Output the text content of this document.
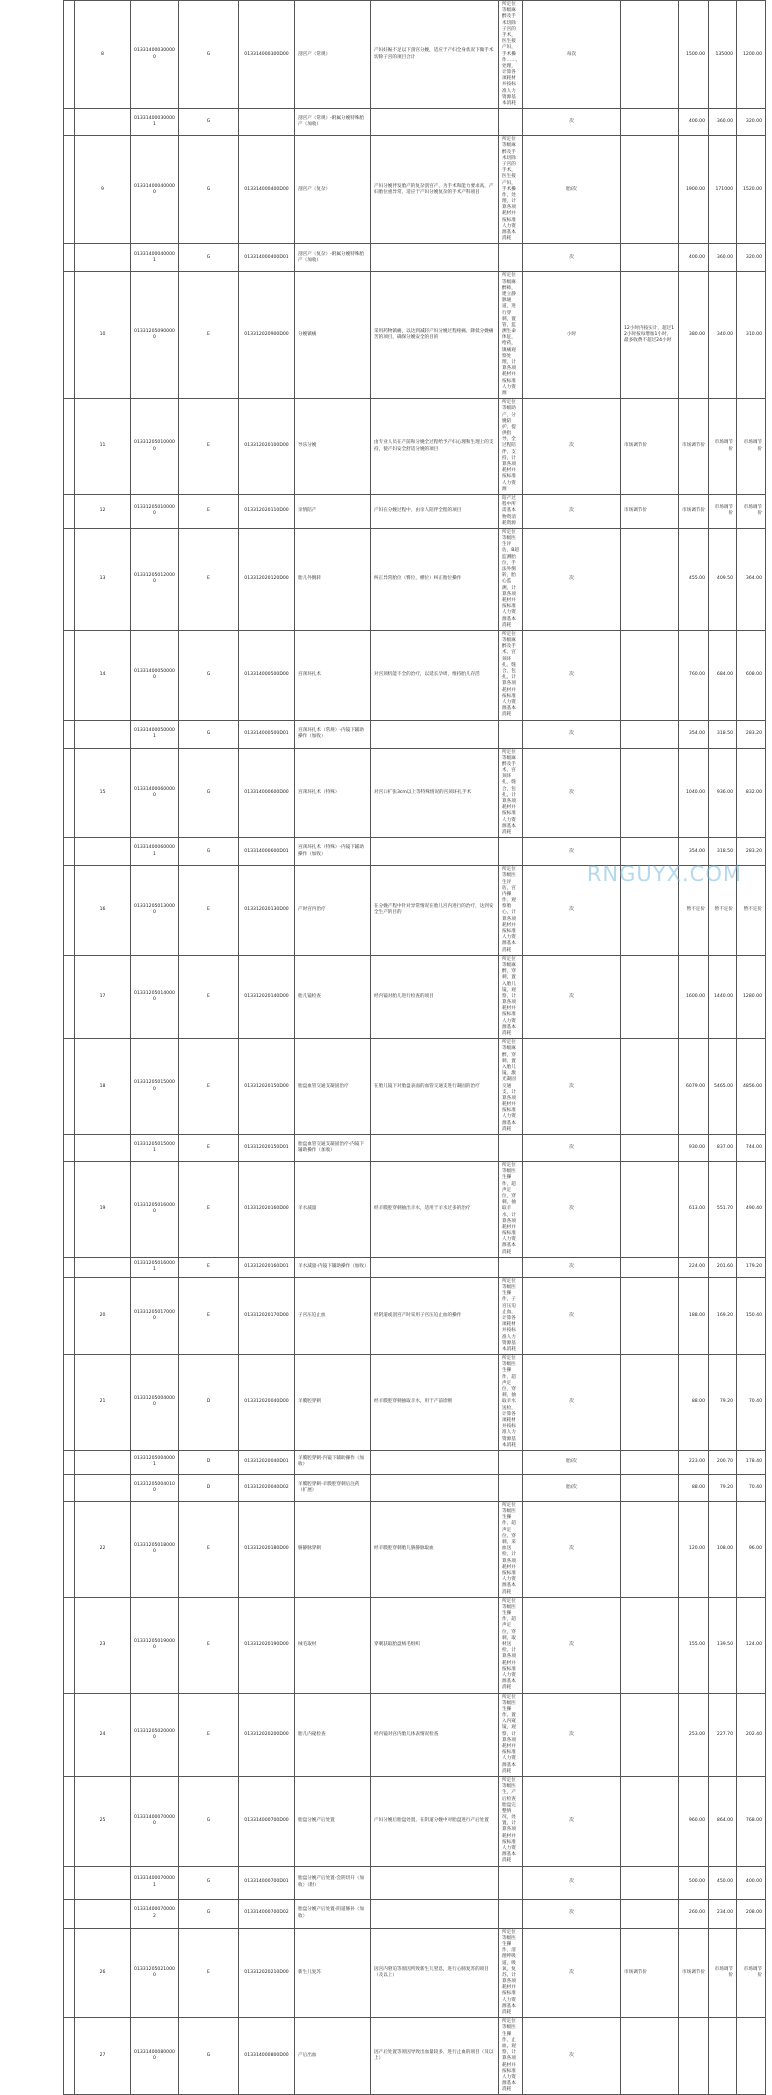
	8	013314000300000	G	013314000300D00	剖宫产（常规）	产妇妊娠不足以下剖宫分娩，适应于产妇全身状况下做手术切除子宫的项目合计	所定位等级麻醉及手术切除子宫的手术，医生接产妇，手术操作……，处理，计算各项耗材并按标准人力资源基本消耗	每次		1500.00	135000	1200.00
		013314000300001	G		剖宫产（常规）-附属分娩特殊胎产（加收）			次		400.00	360.00	320.00
	9	013314000400000	G	013314000400D00	剖宫产（复杂）	产妇分娩伴发胎产的复杂剖宫产，为手术和能力要求高，产妇胎位重异常，适应于产妇分娩复杂的手术产科项目	所定位等级麻醉及手术切除子宫的手术，医生接产妇，手术操作，处理，计算各项耗材并按标准人力资源基本消耗	胎/次		1900.00	171000	1520.00
		013314000400001	G	013314000400D01	剖宫产（复杂）-附属分娩特殊胎产（加收）			次		400.00	360.00	320.00
	10	013312050900000	E	013312020900D00	分娩镇痛	采用药物镇痛，以达到减轻产妇分娩过程疼痛，降低分娩痛苦的项目，确保分娩安全的目的	所定位等级麻醉师，建立静脉通道，进行穿刺，置管，监测生命体征，给药，镇痛观察处理，计算各项耗材并按标准人力资源	小时	12小时内按实计，超过12小时按每增加1小时，最多收费不超过24小时	380.00	340.00	310.00
	11	013312050100000	E	013312020100D00	导乐分娩	由专业人员在产前和分娩全过程给予产妇心理和生理上的支持，使产妇安全舒适分娩的项目	所定位等级助产，分娩陪护，提供指导，全过程陪伴，支持，计算各项耗材并按标准人力资源	次	市场调节价	市场调节价	市场调节价	市场调节价
	12	013312050100000	E	013312020110D00	亲情陪产	产妇在分娩过程中，由亲人陪伴全程的项目	陪产过程中所需基本物资消耗资源	次	市场调节价	市场调节价	市场调节价	市场调节价
	13	013312050120000	E	013312020120D00	胎儿外倒转	纠正异常胎位（臀位，横位）纠正胎位操作	所定位等级医生评估，B超监测胎位，手法外倒转，胎心监测，计算各项耗材并按标准人力资源基本消耗	次		455.00	409.50	364.00
	14	013314000500000	G	013314000500D00	宫颈环扎术	对宫颈机能不全的治疗，以延长孕周，维持胎儿存活	所定位等级麻醉及手术，宫颈环扎，缝合，包扎，计算各项耗材并按标准人力资源基本消耗	次		760.00	684.00	608.00
		013314000500001	G	013314000500D01	宫颈环扎术（常规）-内镜下辅助操作（加收）			次		354.00	318.50	283.20
	15	013314000600000	G	013314000600D00	宫颈环扎术（特殊）	对宫口扩张3cm以上等特殊情况的宫颈环扎手术	所定位等级麻醉及手术，宫颈环扎，缝合，包扎，计算各项耗材并按标准人力资源基本消耗	次		1040.00	936.00	832.00
		013314000600001	G	013314000600D01	宫颈环扎术（特殊）-内镜下辅助操作（加收）			次		354.00	318.50	283.20
	16	013312050130000	E	013312020130D00	产时宫内治疗	在分娩产程中针对异常情况在胎儿宫内进行的治疗，达到安全生产的目的	所定位等级医生评估，宫内操作，观察胎心，计算各项耗材并按标准人力资源基本消耗	次		暂不定价	暂不定价	暂不定价
	17	013312050140000	E	013312020140D00	胎儿镜检查	经内镜对胎儿进行检查的项目	所定位等级麻醉，穿刺，置入胎儿镜，观察，计算各项耗材并按标准人力资源基本消耗	次		1600.00	1440.00	1280.00
	18	013312050150000	E	013312020150D00	胎盘血管交通支凝固治疗	在胎儿镜下对胎盘表面的血管交通支进行凝固的治疗	所定位等级麻醉，穿刺，置入胎儿镜，激光凝固交通支，计算各项耗材并按标准人力资源基本消耗	次		6079.00	5465.00	4856.00
		013312050150001	E	013312020150D01	胎盘血管交通支凝固治疗-内镜下辅助操作（加收）			次		930.00	837.00	744.00
	19	013312050160000	E	013312020160D00	羊水减量	经羊膜腔穿刺抽出羊水，适用于羊水过多的治疗	所定位等级医生操作，超声定位，穿刺，抽取羊水，计算各项耗材并按标准人力资源基本消耗	次		613.00	551.70	490.40
		013312050160001	E	013312020160D01	羊水减量-内镜下辅助操作（加收）			次		224.00	201.60	179.20
	20	013312050170000	E	013312020170D00	子宫压迫止血	经阴道或剖宫产时采用子宫压迫止血的操作	所定位等级医生操作，子宫压迫止血，计算各项耗材并按标准人力资源基本消耗	次		188.00	169.20	150.40
	21	013312050040000	D	013312020040D00	羊膜腔穿刺	经羊膜腔穿刺抽取羊水，用于产前诊断	所定位等级医生操作，超声定位，穿刺，抽取羊水送检，计算各项耗材并按标准人力资源基本消耗	次		88.00	79.20	70.40
		013312050040001	D	013312020040D01	羊膜腔穿刺-内镜下辅助操作（加收）			胎/次		223.00	200.70	178.40
		013312050040100	D	013312020040D02	羊膜腔穿刺-羊膜腔穿刺后注药（扩展）			胎/次		88.00	79.20	70.40
	22	013312050180000	E	013312020180D00	脐静脉穿刺	经羊膜腔穿刺胎儿脐静脉取血	所定位等级医生操作，超声定位，穿刺，采血送检，计算各项耗材并按标准人力资源基本消耗	次		120.00	108.00	96.00
	23	013312050190000	E	013312020190D00	绒毛取材	穿刺获取胎盘绒毛组织	所定位等级医生操作，超声定位，穿刺，取材送检，计算各项耗材并按标准人力资源基本消耗	次		155.00	139.50	124.00
	24	013312050200000	E	013312020200D00	胎儿内窥检查	经内镜对宫内胎儿体表情况检查	所定位等级医生操作，置入内窥镜，观察，计算各项耗材并按标准人力资源基本消耗	次		253.00	227.70	202.40
	25	013314000700000	G	013314000700D00	胎盘分娩产后处置	产妇分娩后胎盘处置，在阴道分娩中对胎盘进行产后处置	所定位等级医生，产后检查胎盘完整情况，处置，计算各项耗材并按标准人力资源基本消耗	次		960.00	864.00	768.00
		013314000700001	G	013314000700D01	胎盘分娩产后处置-会阴切开（加收）（附）			次		500.00	450.00	400.00
		013314000700002	G	013314000700D02	胎盘分娩产后处置-阴道修补（加收）			次		260.00	234.00	208.00
	26	013312050210000	E	013312020210D00	新生儿复苏	因宫内窘迫等原因所致新生儿窒息，进行心肺复苏的项目（及以上）	所定位等级医生操作，清理呼吸道，吸氧，复苏，计算各项耗材并按标准人力资源基本消耗	次	市场调节价	市场调节价	市场调节价	市场调节价
	27	013314000800000	G	013314000800D00	产后出血	因产后处置等原因导致出血量较多，进行止血的项目（及以上）	所定位等级医生操作，止血，观察，计算各项耗材并按标准人力资源基本消耗	次				
RNGUYX.COM
